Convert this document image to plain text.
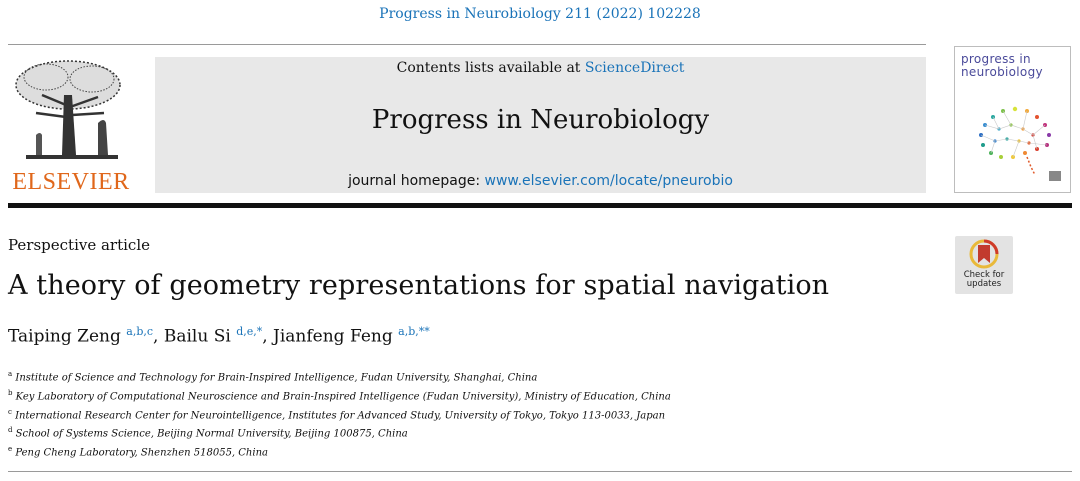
Progress in Neurobiology 211 (2022) 102228
ELSEVIER
Contents lists available at ScienceDirect
Progress in Neurobiology
journal homepage: www.elsevier.com/locate/pneurobio
progress in
neurobiology
Perspective article
Check for
updates
A theory of geometry representations for spatial navigation
Taiping Zeng $^{a,b,c}$, Bailu Si $^{d,e,*}$, Jianfeng Feng $^{a,b,**}$
$^a$ Institute of Science and Technology for Brain-Inspired Intelligence, Fudan University, Shanghai, China
$^b$ Key Laboratory of Computational Neuroscience and Brain-Inspired Intelligence (Fudan University), Ministry of Education, China
$^c$ International Research Center for Neurointelligence, Institutes for Advanced Study, University of Tokyo, Tokyo 113-0033, Japan
$^d$ School of Systems Science, Beijing Normal University, Beijing 100875, China
$^e$ Peng Cheng Laboratory, Shenzhen 518055, China
